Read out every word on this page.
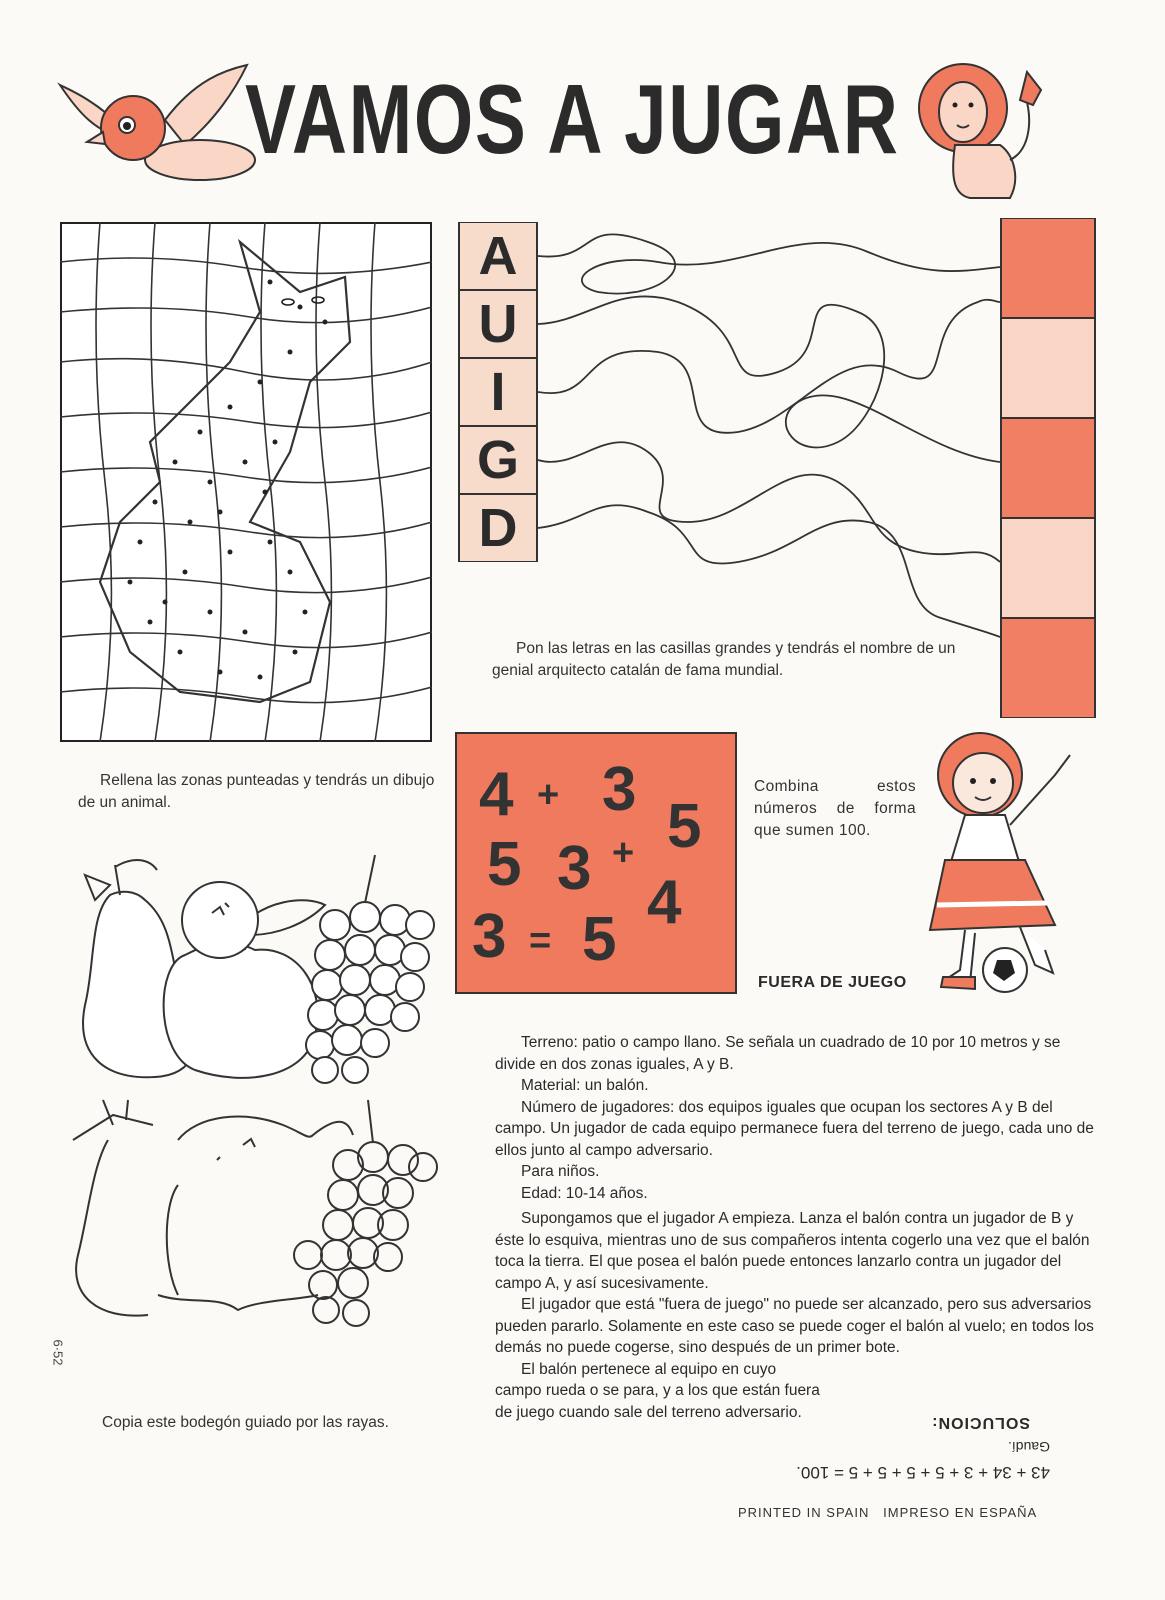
VAMOS A JUGAR
Rellena las zonas punteadas y tendrás un dibujo de un animal.
A
U
I
G
D
Pon las letras en las casillas grandes y tendrás el nombre de un genial arquitecto catalán de fama mundial.
4 + 3
5
5 3 +
4
3 = 5
Combina estos números de forma que sumen 100.
FUERA DE JUEGO

Terreno: patio o campo llano. Se señala un cuadrado de 10 por 10 metros y se divide en dos zonas iguales, A y B.

Material: un balón.

Número de jugadores: dos equipos iguales que ocupan los sectores A y B del campo. Un jugador de cada equipo permanece fuera del terreno de juego, cada uno de ellos junto al campo adversario.

Para niños.

Edad: 10-14 años.

Supongamos que el jugador A empieza. Lanza el balón contra un jugador de B y éste lo esquiva, mientras uno de sus compañeros intenta cogerlo una vez que el balón toca la tierra. El que posea el balón puede entonces lanzarlo contra un jugador del campo A, y así sucesivamente.

El jugador que está "fuera de juego" no puede ser alcanzado, pero sus adversarios pueden pararlo. Solamente en este caso se puede coger el balón al vuelo; en todos los demás no puede cogerse, sino después de un primer bote.

El balón pertenece al equipo en cuyo campo rueda o se para, y a los que están fuera de juego cuando sale del terreno adversario.

6·52
Copia este bodegón guiado por las rayas.
43 + 34 + 3 + 5 + 5 + 5 + 5 = 100.
Gaudí.
SOLUCION:
PRINTED IN SPAIN   IMPRESO EN ESPAÑA
